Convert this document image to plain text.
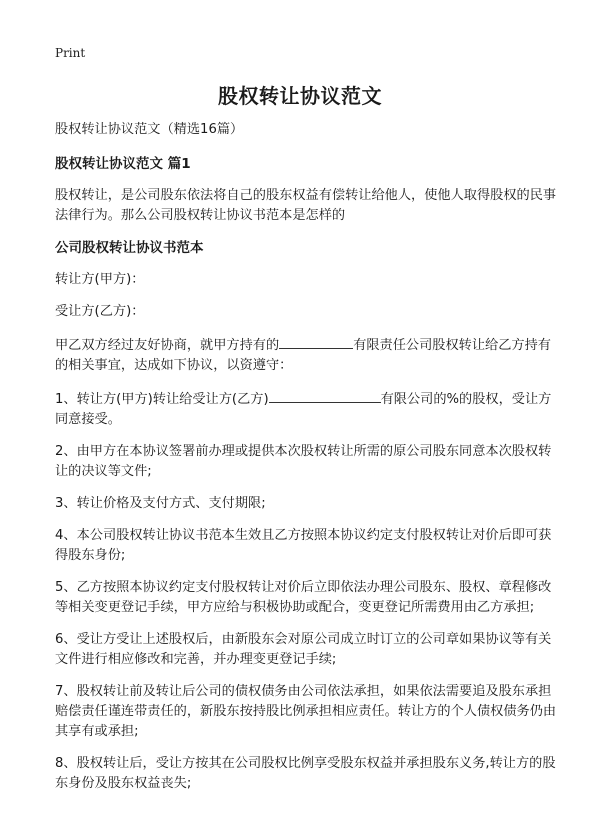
Print
股权转让协议范文
股权转让协议范文（精选16篇）
股权转让协议范文 篇1
股权转让，是公司股东依法将自己的股东权益有偿转让给他人，使他人取得股权的民事法律行为。那么公司股权转让协议书范本是怎样的
公司股权转让协议书范本
转让方(甲方)：
受让方(乙方)：
甲乙双方经过友好协商，就甲方持有的	有限责任公司股权转让给乙方持有的相关事宜，达成如下协议，以资遵守：
1、转让方(甲方)转让给受让方(乙方)	有限公司的%的股权，受让方同意接受。
2、由甲方在本协议签署前办理或提供本次股权转让所需的原公司股东同意本次股权转让的决议等文件;
3、转让价格及支付方式、支付期限;
4、本公司股权转让协议书范本生效且乙方按照本协议约定支付股权转让对价后即可获得股东身份;
5、乙方按照本协议约定支付股权转让对价后立即依法办理公司股东、股权、章程修改等相关变更登记手续，甲方应给与积极协助或配合，变更登记所需费用由乙方承担;
6、受让方受让上述股权后，由新股东会对原公司成立时订立的公司章如果协议等有关文件进行相应修改和完善，并办理变更登记手续;
7、股权转让前及转让后公司的债权债务由公司依法承担，如果依法需要追及股东承担赔偿责任谨连带责任的，新股东按持股比例承担相应责任。转让方的个人债权债务仍由其享有或承担;
8、股权转让后，受让方按其在公司股权比例享受股东权益并承担股东义务,转让方的股东身份及股东权益丧失;
